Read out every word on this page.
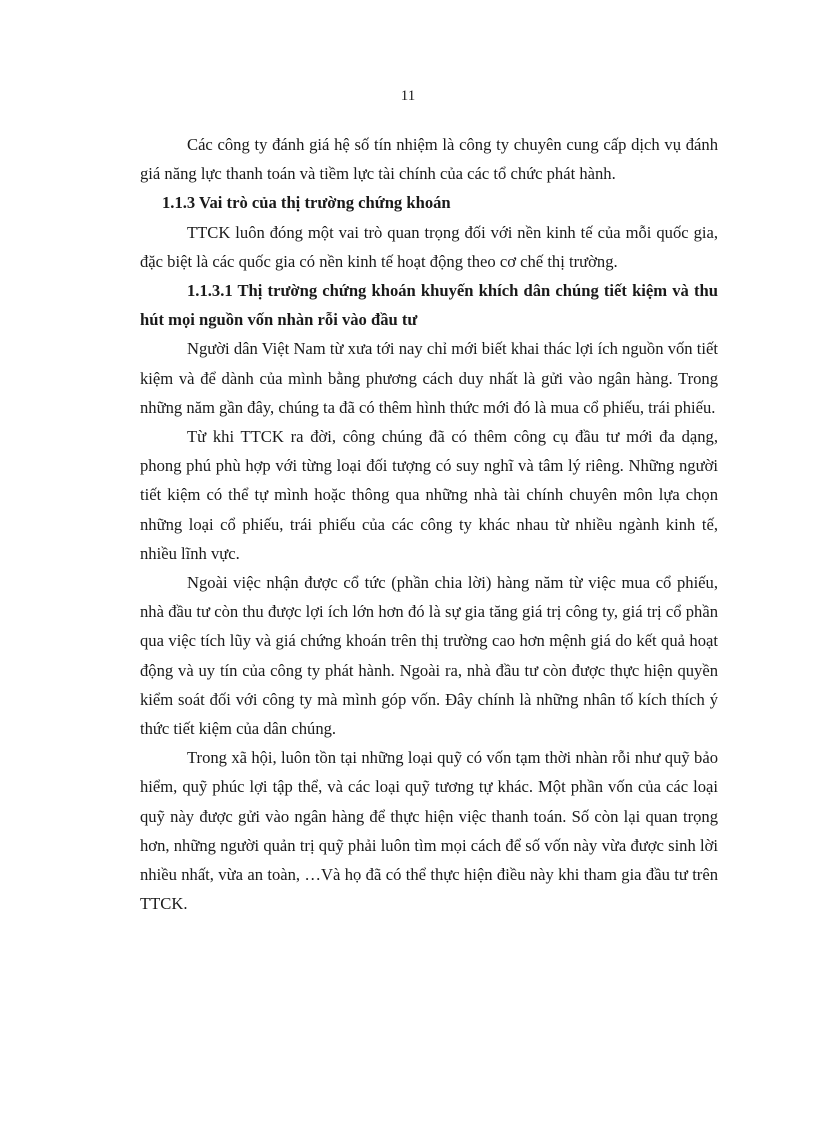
11

Các công ty đánh giá hệ số tín nhiệm là công ty chuyên cung cấp dịch vụ đánh giá năng lực thanh toán và tiềm lực tài chính của các tổ chức phát hành.

1.1.3 Vai trò của thị trường chứng khoán

TTCK luôn đóng một vai trò quan trọng đối với nền kinh tế của mỗi quốc gia, đặc biệt là các quốc gia có nền kinh tế hoạt động theo cơ chế thị trường.

1.1.3.1 Thị trường chứng khoán khuyến khích dân chúng tiết kiệm và thu hút mọi nguồn vốn nhàn rỗi vào đầu tư

Người dân Việt Nam từ xưa tới nay chỉ mới biết khai thác lợi ích nguồn vốn tiết kiệm và để dành của mình bằng phương cách duy nhất là gửi vào ngân hàng. Trong những năm gần đây, chúng ta đã có thêm hình thức mới đó là mua cổ phiếu, trái phiếu.

Từ khi TTCK ra đời, công chúng đã có thêm công cụ đầu tư mới đa dạng, phong phú phù hợp với từng loại đối tượng có suy nghĩ và tâm lý riêng. Những người tiết kiệm có thể tự mình hoặc thông qua những nhà tài chính chuyên môn lựa chọn những loại cổ phiếu, trái phiếu của các công ty khác nhau từ nhiều ngành kinh tế, nhiều lĩnh vực.

Ngoài việc nhận được cổ tức (phần chia lời) hàng năm từ việc mua cổ phiếu, nhà đầu tư còn thu được lợi ích lớn hơn đó là sự gia tăng giá trị công ty, giá trị cổ phần qua việc tích lũy và giá chứng khoán trên thị trường cao hơn mệnh giá do kết quả hoạt động và uy tín của công ty phát hành. Ngoài ra, nhà đầu tư còn được thực hiện quyền kiểm soát đối với công ty mà mình góp vốn. Đây chính là những nhân tố kích thích ý thức tiết kiệm của dân chúng.

Trong xã hội, luôn tồn tại những loại quỹ có vốn tạm thời nhàn rỗi như quỹ bảo hiểm, quỹ phúc lợi tập thể, và các loại quỹ tương tự khác. Một phần vốn của các loại quỹ này được gửi vào ngân hàng để thực hiện việc thanh toán. Số còn lại quan trọng hơn, những người quản trị quỹ phải luôn tìm mọi cách để số vốn này vừa được sinh lời nhiều nhất, vừa an toàn, …Và họ đã có thể thực hiện điều này khi tham gia đầu tư trên TTCK.
